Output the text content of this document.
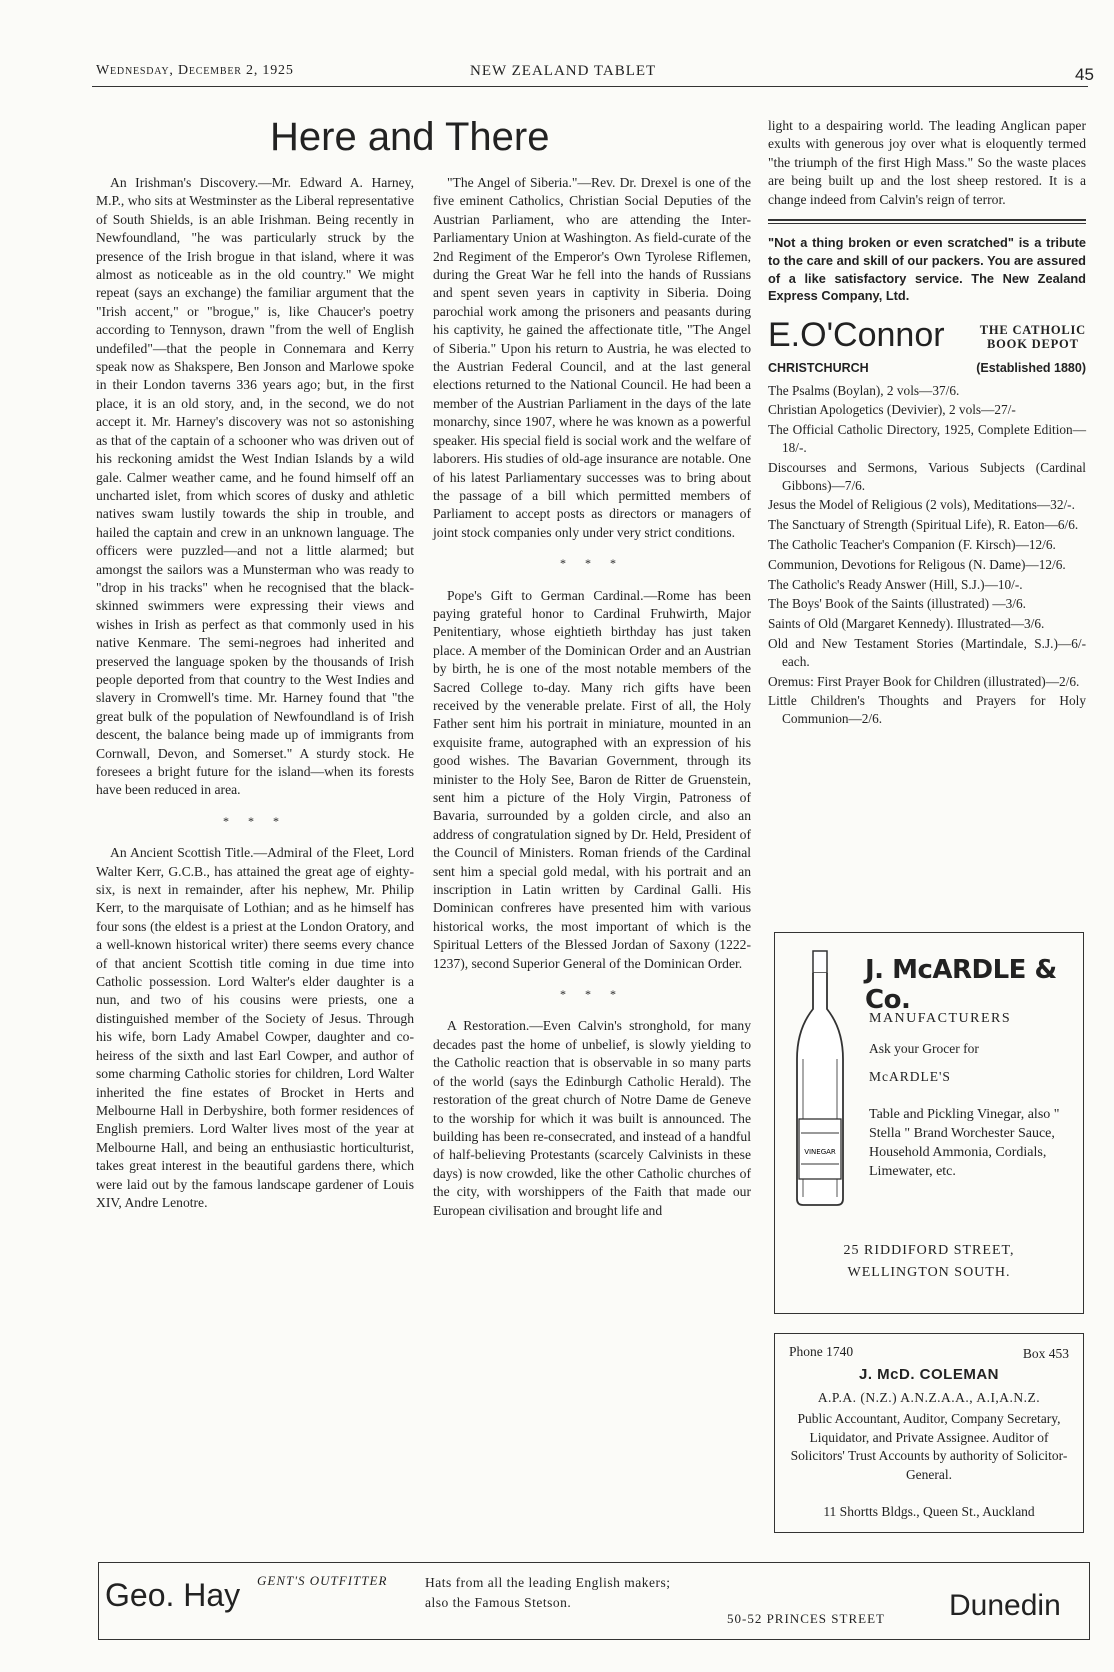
Wednesday, December 2, 1925	NEW ZEALAND TABLET	45
Here and There

An Irishman's Discovery.—Mr. Edward A. Harney, M.P., who sits at Westminster as the Liberal representative of South Shields, is an able Irishman. Being recently in Newfoundland, "he was particularly struck by the presence of the Irish brogue in that island, where it was almost as noticeable as in the old country." We might repeat (says an exchange) the familiar argument that the "Irish accent," or "brogue," is, like Chaucer's poetry according to Tennyson, drawn "from the well of English undefiled"—that the people in Connemara and Kerry speak now as Shakspere, Ben Jonson and Marlowe spoke in their London taverns 336 years ago; but, in the first place, it is an old story, and, in the second, we do not accept it. Mr. Harney's discovery was not so astonishing as that of the captain of a schooner who was driven out of his reckoning amidst the West Indian Islands by a wild gale. Calmer weather came, and he found himself off an uncharted islet, from which scores of dusky and athletic natives swam lustily towards the ship in trouble, and hailed the captain and crew in an unknown language. The officers were puzzled—and not a little alarmed; but amongst the sailors was a Munsterman who was ready to "drop in his tracks" when he recognised that the black-skinned swimmers were expressing their views and wishes in Irish as perfect as that commonly used in his native Kenmare. The semi-negroes had inherited and preserved the language spoken by the thousands of Irish people deported from that country to the West Indies and slavery in Cromwell's time. Mr. Harney found that "the great bulk of the population of Newfoundland is of Irish descent, the balance being made up of immigrants from Cornwall, Devon, and Somerset." A sturdy stock. He foresees a bright future for the island—when its forests have been reduced in area.

* * *

An Ancient Scottish Title.—Admiral of the Fleet, Lord Walter Kerr, G.C.B., has attained the great age of eighty-six, is next in remainder, after his nephew, Mr. Philip Kerr, to the marquisate of Lothian; and as he himself has four sons (the eldest is a priest at the London Oratory, and a well-known historical writer) there seems every chance of that ancient Scottish title coming in due time into Catholic possession. Lord Walter's elder daughter is a nun, and two of his cousins were priests, one a distinguished member of the Society of Jesus. Through his wife, born Lady Amabel Cowper, daughter and co-heiress of the sixth and last Earl Cowper, and author of some charming Catholic stories for children, Lord Walter inherited the fine estates of Brocket in Herts and Melbourne Hall in Derbyshire, both former residences of English premiers. Lord Walter lives most of the year at Melbourne Hall, and being an enthusiastic horticulturist, takes great interest in the beautiful gardens there, which were laid out by the famous landscape gardener of Louis XIV, Andre Lenotre.

"The Angel of Siberia."—Rev. Dr. Drexel is one of the five eminent Catholics, Christian Social Deputies of the Austrian Parliament, who are attending the Inter-Parliamentary Union at Washington. As field-curate of the 2nd Regiment of the Emperor's Own Tyrolese Riflemen, during the Great War he fell into the hands of Russians and spent seven years in captivity in Siberia. Doing parochial work among the prisoners and peasants during his captivity, he gained the affectionate title, "The Angel of Siberia." Upon his return to Austria, he was elected to the Austrian Federal Council, and at the last general elections returned to the National Council. He had been a member of the Austrian Parliament in the days of the late monarchy, since 1907, where he was known as a powerful speaker. His special field is social work and the welfare of laborers. His studies of old-age insurance are notable. One of his latest Parliamentary successes was to bring about the passage of a bill which permitted members of Parliament to accept posts as directors or managers of joint stock companies only under very strict conditions.

* * *

Pope's Gift to German Cardinal.—Rome has been paying grateful honor to Cardinal Fruhwirth, Major Penitentiary, whose eightieth birthday has just taken place. A member of the Dominican Order and an Austrian by birth, he is one of the most notable members of the Sacred College to-day. Many rich gifts have been received by the venerable prelate. First of all, the Holy Father sent him his portrait in miniature, mounted in an exquisite frame, autographed with an expression of his good wishes. The Bavarian Government, through its minister to the Holy See, Baron de Ritter de Gruenstein, sent him a picture of the Holy Virgin, Patroness of Bavaria, surrounded by a golden circle, and also an address of congratulation signed by Dr. Held, President of the Council of Ministers. Roman friends of the Cardinal sent him a special gold medal, with his portrait and an inscription in Latin written by Cardinal Galli. His Dominican confreres have presented him with various historical works, the most important of which is the Spiritual Letters of the Blessed Jordan of Saxony (1222-1237), second Superior General of the Dominican Order.

* * *

A Restoration.—Even Calvin's stronghold, for many decades past the home of unbelief, is slowly yielding to the Catholic reaction that is observable in so many parts of the world (says the Edinburgh Catholic Herald). The restoration of the great church of Notre Dame de Geneve to the worship for which it was built is announced. The building has been re-consecrated, and instead of a handful of half-believing Protestants (scarcely Calvinists in these days) is now crowded, like the other Catholic churches of the city, with worshippers of the Faith that made our European civilisation and brought life and

light to a despairing world. The leading Anglican paper exults with generous joy over what is eloquently termed "the triumph of the first High Mass." So the waste places are being built up and the lost sheep restored. It is a change indeed from Calvin's reign of terror.

"Not a thing broken or even scratched" is a tribute to the care and skill of our packers. You are assured of a like satisfactory service. The New Zealand Express Company, Ltd.
E.O'Connor	THE CATHOLIC
BOOK DEPOT
CHRISTCHURCH	(Established 1880)
The Psalms (Boylan), 2 vols—37/6.
Christian Apologetics (Devivier), 2 vols—27/-
The Official Catholic Directory, 1925, Complete Edition—18/-.
Discourses and Sermons, Various Subjects (Cardinal Gibbons)—7/6.
Jesus the Model of Religious (2 vols), Meditations—32/-.
The Sanctuary of Strength (Spiritual Life), R. Eaton—6/6.
The Catholic Teacher's Companion (F. Kirsch)—12/6.
Communion, Devotions for Religous (N. Dame)—12/6.
The Catholic's Ready Answer (Hill, S.J.)—10/-.
The Boys' Book of the Saints (illustrated) —3/6.
Saints of Old (Margaret Kennedy). Illustrated—3/6.
Old and New Testament Stories (Martindale, S.J.)—6/- each.
Oremus: First Prayer Book for Children (illustrated)—2/6.
Little Children's Thoughts and Prayers for Holy Communion—2/6.
VINEGAR
J. McARDLE & Co.
MANUFACTURERS
Ask your Grocer for
McARDLE'S
Table and Pickling Vinegar, also " Stella " Brand Worchester Sauce, Household Ammonia, Cordials, Limewater, etc.
25 RIDDIFORD STREET,
WELLINGTON SOUTH.
Phone 1740	Box 453
J. McD. COLEMAN
A.P.A. (N.Z.) A.N.Z.A.A., A.I,A.N.Z.
Public Accountant, Auditor, Company Secretary, Liquidator, and Private Assignee. Auditor of Solicitors' Trust Accounts by authority of Solicitor-General.
11 Shortts Bldgs., Queen St., Auckland
Geo. Hay GENT'S OUTFITTER	Hats from all the leading English makers;
also the Famous Stetson.
50-52 PRINCES STREET Dunedin
